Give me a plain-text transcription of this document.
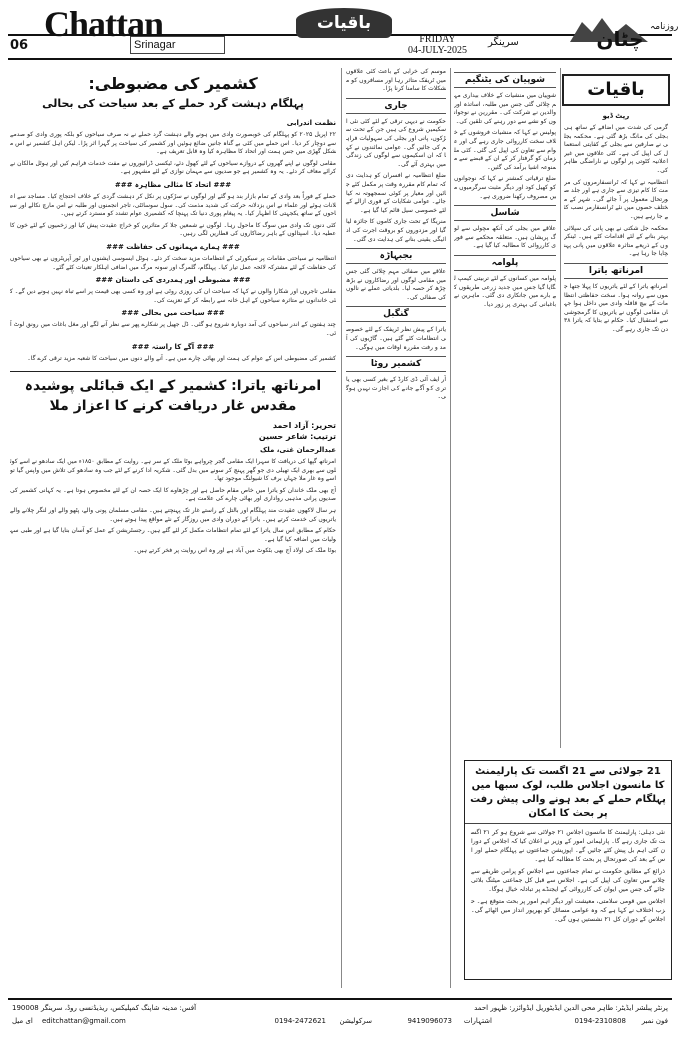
06
Chattan
Srinagar
باقیات
FRIDAY
04-JULY-2025
سرینگر	چٹان روزنامہ
کشمیر کی مضبوطی:
پہلگام دہشت گرد حملے کے بعد سیاحت کی بحالی
نظمت اندرابی

۲۲ اپریل ۲۰۲۵ کو پہلگام کی خوبصورت وادی میں ہونے والے دہشت گرد حملے نے نہ صرف سیاحوں کو بلکہ پوری وادی کو صدمے سے دوچار کر دیا۔ اس حملے میں کئی بے گناہ جانیں ضائع ہوئیں اور کشمیر کی سیاحت پر گہرا اثر پڑا۔ لیکن اہل کشمیر نے اس مشکل گھڑی میں جس ہمت اور اتحاد کا مظاہرہ کیا وہ قابل تعریف ہے۔

مقامی لوگوں نے اپنے گھروں کے دروازے سیاحوں کے لئے کھول دئے، ٹیکسی ڈرائیوروں نے مفت خدمات فراہم کیں اور ہوٹل مالکان نے کرائے معاف کر دئے۔ یہ وہ کشمیر ہے جو صدیوں سے مہمان نوازی کے لئے مشہور ہے۔

### اتحاد کا مثالی مظاہرہ ###

حملے کے فوراً بعد وادی کے تمام بازار بند ہو گئے اور لوگوں نے سڑکوں پر نکل کر دہشت گردی کے خلاف احتجاج کیا۔ مساجد سے اعلانات ہوئے اور علماء نے اس بزدلانہ حرکت کی شدید مذمت کی۔ سول سوسائٹی، تاجر انجمنوں اور طلبہ نے امن مارچ نکالے اور سیاحوں کے ساتھ یکجہتی کا اظہار کیا۔ یہ پیغام پوری دنیا تک پہنچا کہ کشمیری عوام تشدد کو مسترد کرتے ہیں۔

کئی دنوں تک وادی میں سوگ کا ماحول رہا۔ لوگوں نے شمعیں جلا کر متاثرین کو خراج عقیدت پیش کیا اور زخمیوں کے لئے خون کا عطیہ دیا۔ اسپتالوں کے باہر رضاکاروں کی قطاریں لگی رہیں۔

### ہمارے مہمانوں کی حفاظت ###

انتظامیہ نے سیاحتی مقامات پر سیکورٹی کے انتظامات مزید سخت کر دئے۔ ہوٹل ایسوسی ایشنوں اور ٹور آپریٹروں نے بھی سیاحوں کی حفاظت کے لئے مشترکہ لائحہ عمل تیار کیا۔ پہلگام، گلمرگ اور سونہ مرگ میں اضافی اہلکار تعینات کئے گئے۔

### مضبوطی اور ہمدردی کی داستان ###

مقامی تاجروں اور شکارا والوں نے کہا کہ سیاحت ان کی روزی روٹی ہے اور وہ کسی بھی قیمت پر اسے تباہ نہیں ہونے دیں گے۔ کئی خاندانوں نے متاثرہ سیاحوں کے اہل خانہ سے رابطہ کر کے تعزیت کی۔

### سیاحت میں بحالی ###

چند ہفتوں کے اندر سیاحوں کی آمد دوبارہ شروع ہو گئی۔ ڈل جھیل پر شکارے پھر سے نظر آنے لگے اور مغل باغات میں رونق لوٹ آئی۔

### آگے کا راستہ ###

کشمیر کی مضبوطی اس کے عوام کی ہمت اور بھائی چارے میں ہے۔ آنے والے دنوں میں سیاحت کا شعبہ مزید ترقی کرے گا۔

امرناتھ یاترا: کشمیر کے ایک قبائلی پوشیدہ مقدس غار دریافت کرنے کا اعزاز ملا
تحریر: آزاد احمد
ترتیب: شاعر حسین
عبدالرحمان غنی، ملک

امرناتھ گپھا کی دریافت کا سہرا ایک مقامی گجر چرواہے بوٹا ملک کے سر ہے۔ روایت کے مطابق ۱۸۵۰ء میں ایک سادھو نے اسے کوئلوں سے بھری ایک تھیلی دی جو گھر پہنچ کر سونے میں بدل گئی۔ شکریہ ادا کرنے کے لئے جب وہ سادھو کی تلاش میں واپس گیا تو اسے وہ غار ملا جہاں برف کا شیولنگ موجود تھا۔

آج بھی ملک خاندان کو یاترا میں خاص مقام حاصل ہے اور چڑھاوے کا ایک حصہ ان کے لئے مخصوص ہوتا ہے۔ یہ کہانی کشمیر کی صدیوں پرانی مذہبی رواداری اور بھائی چارے کی علامت ہے۔

ہر سال لاکھوں عقیدت مند پہلگام اور بالتل کے راستے غار تک پہنچتے ہیں۔ مقامی مسلمان پونی والے، پٹھو والے اور لنگر چلانے والے یاتریوں کی خدمت کرتے ہیں۔ یاترا کے دوران وادی میں روزگار کے نئے مواقع پیدا ہوتے ہیں۔

حکام کے مطابق اس سال یاترا کے لئے تمام انتظامات مکمل کر لئے گئے ہیں۔ رجسٹریشن کے عمل کو آسان بنایا گیا ہے اور طبی سہولیات میں اضافہ کیا گیا ہے۔

بوٹا ملک کی اولاد آج بھی بٹکوٹ میں آباد ہے اور وہ اس روایت پر فخر کرتے ہیں۔

موسم کی خرابی کے باعث کئی علاقوں میں ٹریفک متاثر رہا اور مسافروں کو مشکلات کا سامنا کرنا پڑا۔

جاری

حکومت نے دیہی ترقی کے لئے کئی نئی اسکیمیں شروع کی ہیں جن کے تحت سڑکوں، پانی اور بجلی کی سہولیات فراہم کی جائیں گی۔ عوامی نمائندوں نے کہا کہ ان اسکیموں سے لوگوں کی زندگی میں بہتری آئے گی۔

ضلع انتظامیہ نے افسران کو ہدایت دی کہ تمام کام مقررہ وقت پر مکمل کئے جائیں اور معیار پر کوئی سمجھوتہ نہ کیا جائے۔ عوامی شکایات کے فوری ازالے کے لئے خصوصی سیل قائم کیا گیا ہے۔

منریگا کے تحت جاری کاموں کا جائزہ لیا گیا اور مزدوروں کو بروقت اجرت کی ادائیگی یقینی بنانے کی ہدایت دی گئی۔

بجبہاڑہ

علاقے میں صفائی مہم چلائی گئی جس میں مقامی لوگوں اور رضاکاروں نے بڑھ چڑھ کر حصہ لیا۔ بلدیاتی عملے نے نالوں کی صفائی کی۔

گنگبل

یاترا کے پیش نظر ٹریفک کے لئے خصوصی انتظامات کئے گئے ہیں۔ گاڑیوں کی آمد و رفت مقررہ اوقات میں ہوگی۔

کشمیر روٹا

آر ایف آئی ڈی کارڈ کے بغیر کسی بھی یاتری کو آگے جانے کی اجازت نہیں ہوگی۔

شوپیان کی یٹنگیم

شوپیان میں منشیات کے خلاف بیداری مہم چلائی گئی جس میں طلبہ، اساتذہ اور والدین نے شرکت کی۔ مقررین نے نوجوانوں کو نشے سے دور رہنے کی تلقین کی۔

پولیس نے کہا کہ منشیات فروشوں کے خلاف سخت کارروائی جاری رہے گی اور عوام سے تعاون کی اپیل کی گئی۔ کئی ملزمان کو گرفتار کر کے ان کے قبضے سے ممنوعہ اشیا برآمد کی گئیں۔

ضلع ترقیاتی کمشنر نے کہا کہ نوجوانوں کو کھیل کود اور دیگر مثبت سرگرمیوں میں مصروف رکھنا ضروری ہے۔

شاسل

علاقے میں بجلی کی آنکھ مچولی سے لوگ پریشان ہیں۔ متعلقہ محکمے سے فوری کارروائی کا مطالبہ کیا گیا ہے۔

پلوامہ

پلوامہ میں کسانوں کے لئے تربیتی کیمپ لگایا گیا جس میں جدید زرعی طریقوں کے بارے میں جانکاری دی گئی۔ ماہرین نے باغبانی کی بہتری پر زور دیا۔

باقیات
رپٹ ڈیو

گرمی کی شدت میں اضافے کے ساتھ ہی بجلی کی مانگ بڑھ گئی ہے۔ محکمہ بجلی نے صارفین سے بجلی کے کفایتی استعمال کی اپیل کی ہے۔ کئی علاقوں میں غیر اعلانیہ کٹوتی پر لوگوں نے ناراضگی ظاہر کی۔

انتظامیہ نے کہا کہ ٹرانسفارمروں کی مرمت کا کام تیزی سے جاری ہے اور جلد صورتحال معمول پر آ جائے گی۔ شہر کے مختلف حصوں میں نئے ٹرانسفارمر نصب کئے جا رہے ہیں۔

محکمہ جل شکتی نے بھی پانی کی سپلائی بہتر بنانے کے لئے اقدامات کئے ہیں۔ ٹینکروں کے ذریعے متاثرہ علاقوں میں پانی پہنچایا جا رہا ہے۔

امرناتھ یاترا

امرناتھ یاترا کے لئے یاتریوں کا پہلا جتھا جموں سے روانہ ہوا۔ سخت حفاظتی انتظامات کے بیچ قافلہ وادی میں داخل ہوا جہاں مقامی لوگوں نے یاتریوں کا گرمجوشی سے استقبال کیا۔ حکام نے بتایا کہ یاترا ۳۸ دن تک جاری رہے گی۔

21 جولائی سے 21 اگست تک پارلیمنٹ کا مانسون اجلاس طلب، لوک سبھا میں پہلگام حملے کے بعد ہونے والی پیش رفت پر بحث کا امکان

نئی دہلی: پارلیمنٹ کا مانسون اجلاس ۲۱ جولائی سے شروع ہو کر ۲۱ اگست تک جاری رہے گا۔ پارلیمانی امور کے وزیر نے اعلان کیا کہ اجلاس کے دوران کئی اہم بل پیش کئے جائیں گے۔ اپوزیشن جماعتوں نے پہلگام حملے اور اس کے بعد کی صورتحال پر بحث کا مطالبہ کیا ہے۔

ذرائع کے مطابق حکومت نے تمام جماعتوں سے اجلاس کو پرامن طریقے سے چلانے میں تعاون کی اپیل کی ہے۔ اجلاس سے قبل کل جماعتی میٹنگ بلائی جائے گی جس میں ایوان کی کارروائی کے ایجنڈے پر تبادلہ خیال ہوگا۔

اجلاس میں قومی سلامتی، معیشت اور دیگر اہم امور پر بحث متوقع ہے۔ حزب اختلاف نے کہا ہے کہ وہ عوامی مسائل کو بھرپور انداز میں اٹھائے گی۔ اجلاس کے دوران کل ۲۱ نشستیں ہوں گی۔

پرنٹر پبلشر ایڈیٹر: طاہر محی الدین ایڈیٹوریل ایڈوائزر: ظہور احمد
آفس: مدینہ شاپنگ کمپلیکس، ریذیڈنسی روڈ، سرینگر 190008
فون نمبر
0194-2310808
اشتہارات
9419096073
سرکولیشن
0194-2472621
ای میل editchattan@gmail.com
